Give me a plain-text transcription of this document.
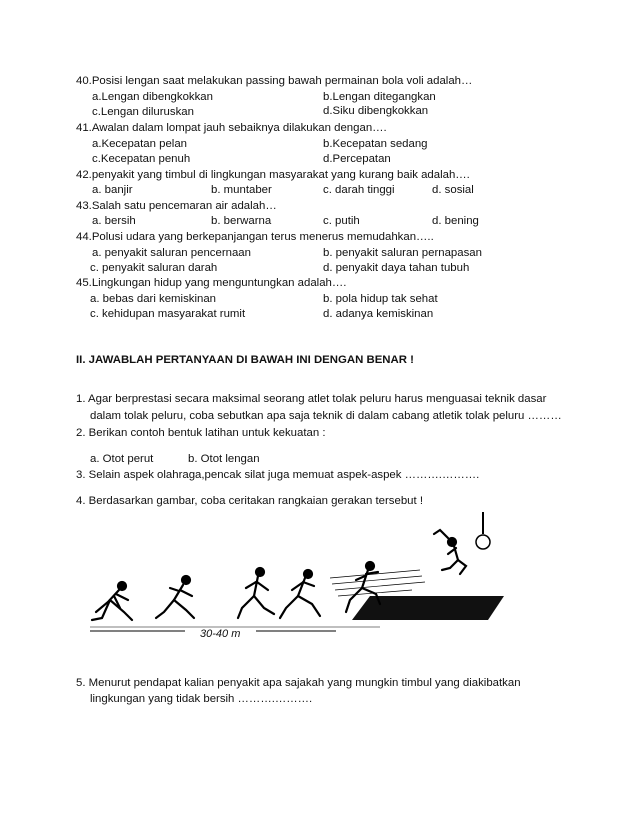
40.Posisi lengan saat melakukan passing bawah permainan bola voli adalah…
a.Lengan dibengkokkan	b.Lengan ditegangkan
c.Lengan diluruskan	d.Siku dibengkokkan
41.Awalan dalam lompat jauh sebaiknya dilakukan dengan….
a.Kecepatan pelan	b.Kecepatan sedang
c.Kecepatan penuh	d.Percepatan
42.penyakit yang timbul di lingkungan masyarakat yang kurang baik adalah….
a. banjir	b. muntaber	c. darah tinggi	d. sosial
43.Salah satu pencemaran air adalah…
a. bersih	b. berwarna	c. putih	d. bening
44.Polusi udara yang berkepanjangan terus menerus memudahkan…..
a. penyakit saluran pencernaan	b. penyakit saluran pernapasan
c. penyakit saluran darah	d. penyakit daya tahan tubuh
45.Lingkungan hidup yang menguntungkan adalah….
a. bebas dari kemiskinan	b. pola hidup tak sehat
c. kehidupan masyarakat rumit	d. adanya kemiskinan
II. JAWABLAH PERTANYAAN DI BAWAH INI DENGAN BENAR !
1. Agar berprestasi secara maksimal seorang atlet tolak peluru harus menguasai teknik dasar
dalam tolak peluru, coba sebutkan apa saja teknik di dalam cabang atletik tolak peluru ………
2. Berikan contoh bentuk latihan untuk kekuatan :
a. Otot perut	b. Otot lengan
3. Selain aspek olahraga,pencak silat juga memuat aspek-aspek ……….……….
4. Berdasarkan gambar, coba ceritakan rangkaian gerakan tersebut !
30-40 m
5. Menurut pendapat kalian penyakit apa sajakah yang mungkin timbul yang diakibatkan
lingkungan yang tidak bersih ……….……….
